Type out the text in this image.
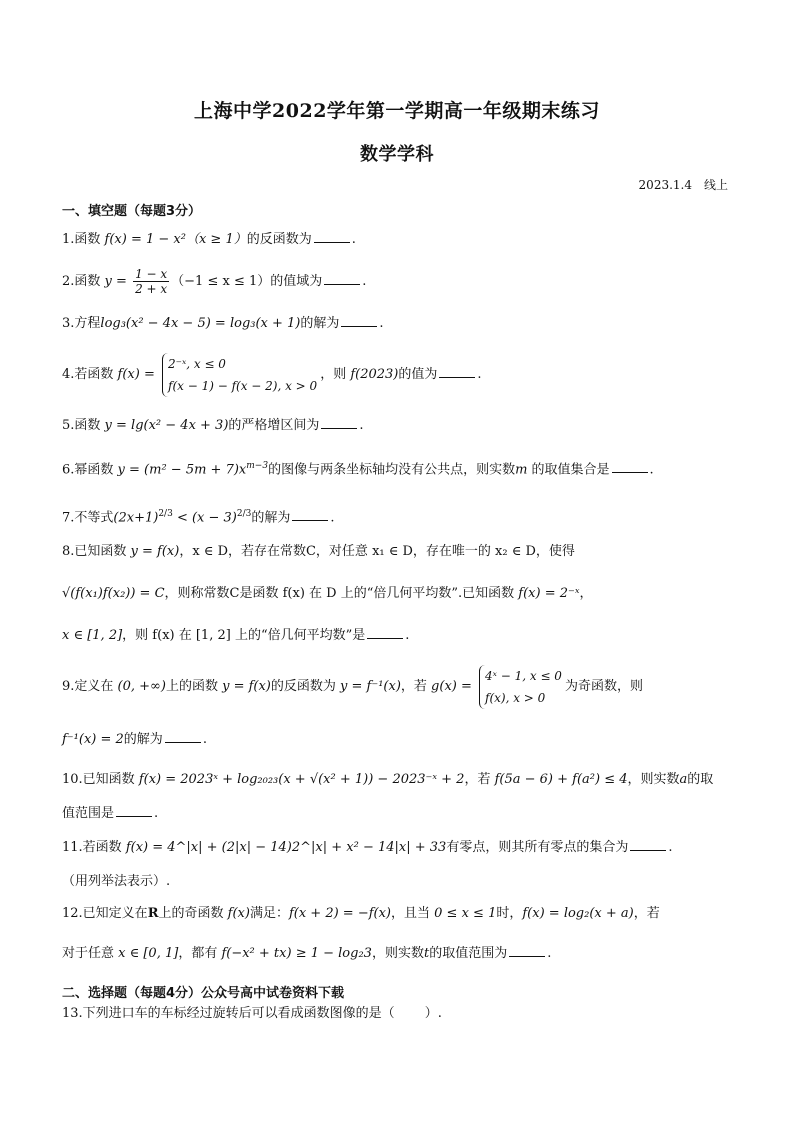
上海中学2022学年第一学期高一年级期末练习
数学学科
2023.1.4　线上
一、填空题（每题3分）
1.函数 f(x) = 1 − x²（x ≥ 1）的反函数为	.
2.函数 $y = \frac{1 - x}{2 + x} (-1 \le x \le 1)$的值域为	.
3.方程log₃(x² − 4x − 5) = log₃(x + 1)的解为	.
4.若函数 f(x) = 2⁻ˣ, x ≤ 0
f(x − 1) − f(x − 2), x > 0，则 f(2023)的值为	.
5.函数 y = lg(x² − 4x + 3)的严格增区间为	.
6.幂函数 $y = (m^2 - 5m + 7)x^{m-3}$的图像与两条坐标轴均没有公共点，则实数m 的取值集合是	.
7.不等式$(2x+1)^{2/3} < (x - 3)^{2/3}$的解为	.
8.已知函数 y = f(x)，x ∈ D，若存在常数C，对任意 x₁ ∈ D，存在唯一的 x₂ ∈ D，使得
√(f(x₁)f(x₂)) = C，则称常数C是函数 f(x) 在 D 上的“倍几何平均数”.已知函数 f(x) = 2⁻ˣ，
x ∈ [1, 2]，则 f(x) 在 [1, 2] 上的“倍几何平均数”是	.
9.定义在 (0, +∞)上的函数 y = f(x)的反函数为 y = f⁻¹(x)，若 g(x) = 4ˣ − 1, x ≤ 0
f(x), x > 0为奇函数，则
f⁻¹(x) = 2的解为	.
10.已知函数 f(x) = 2023ˣ + log₂₀₂₃(x + √(x² + 1)) − 2023⁻ˣ + 2，若 f(5a − 6) + f(a²) ≤ 4，则实数a的取
值范围是	.
11.若函数 f(x) = 4^|x| + (2|x| − 14)2^|x| + x² − 14|x| + 33有零点，则其所有零点的集合为	.
（用列举法表示）.
12.已知定义在R上的奇函数 f(x)满足：f(x + 2) = −f(x)，且当 0 ≤ x ≤ 1时，f(x) = log₂(x + a)，若
对于任意 x ∈ [0, 1]，都有 f(−x² + tx) ≥ 1 − log₂3，则实数t的取值范围为	.
二、选择题（每题4分）公众号高中试卷资料下载
13.下列进口车的车标经过旋转后可以看成函数图像的是（ ）.
